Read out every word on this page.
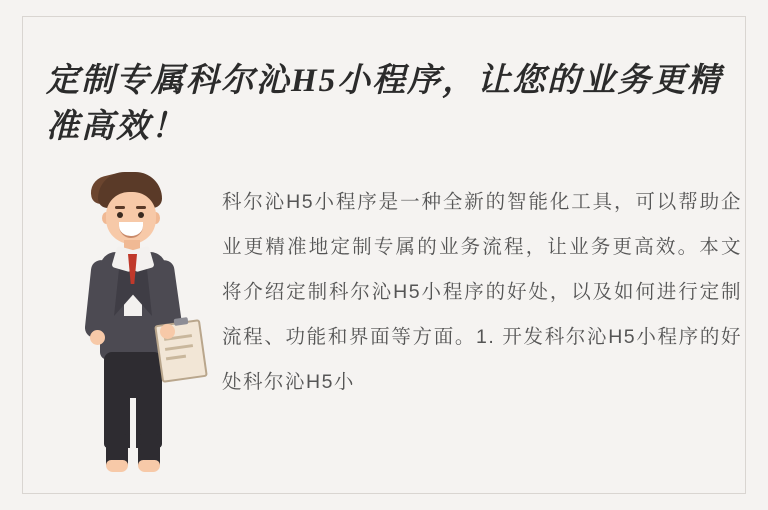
定制专属科尔沁H5小程序，让您的业务更精准高效！
科尔沁H5小程序是一种全新的智能化工具，可以帮助企业更精准地定制专属的业务流程，让业务更高效。本文将介绍定制科尔沁H5小程序的好处，以及如何进行定制流程、功能和界面等方面。1. 开发科尔沁H5小程序的好处科尔沁H5小
